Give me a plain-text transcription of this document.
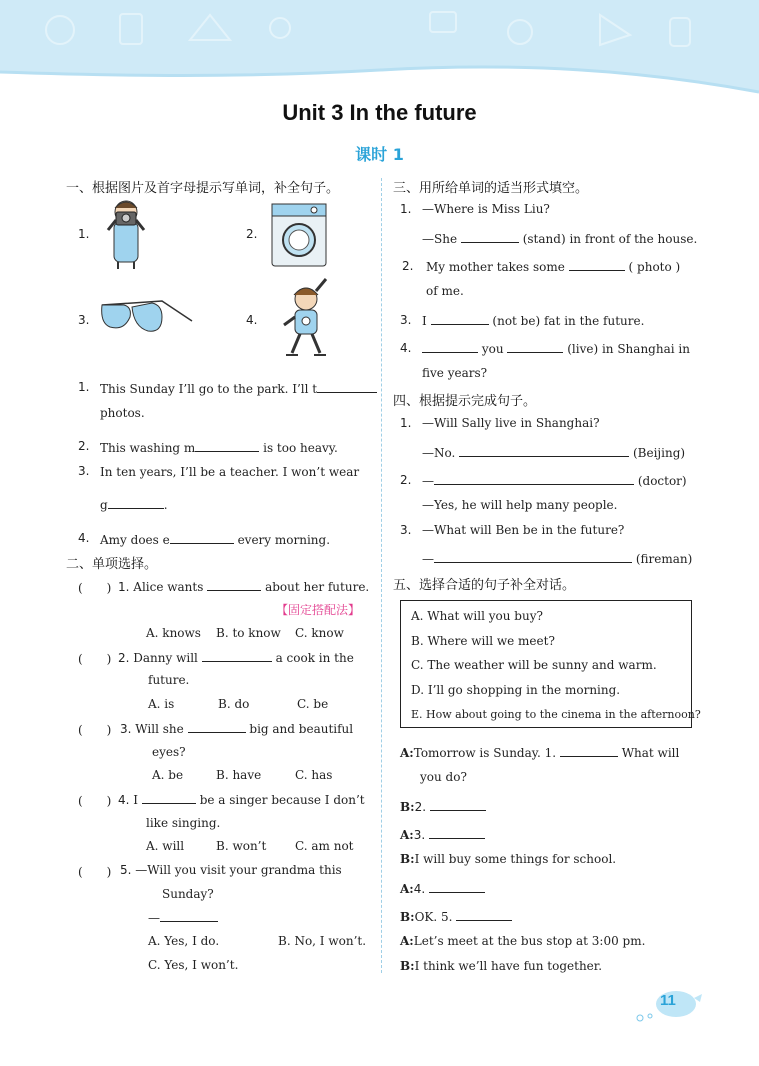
Unit 3 In the future
课时 1
一、根据图片及首字母提示写单词，补全句子。
1.	2.
3.	4.
1. This Sunday I’ll go to the park. I’ll t
photos.
2. This washing m	is too heavy.
3. In ten years, I’ll be a teacher. I won’t wear
g	.
4. Amy does e	every morning.
二、单项选择。
(　　) 1. Alice wants	about her future.
【固定搭配法】
A. knows B. to know C. know
(　　) 2. Danny will	a cook in the
future.
A. is	B. do	C. be
(　　) 3. Will she	big and beautiful
eyes?
A. be	B. have	C. has
(　　) 4. I	be a singer because I don’t
like singing.
A. will	B. won’t C. am not
(　　) 5. —Will you visit your grandma this
Sunday?
—
A. Yes, I do.	B. No, I won’t.
C. Yes, I won’t.
三、用所给单词的适当形式填空。
1. —Where is Miss Liu?
—She	(stand) in front of the house.
2. My mother takes some	( photo )
of me.
3. I	(not be) fat in the future.
4.	you	(live) in Shanghai in
five years?
四、根据提示完成句子。
1. —Will Sally live in Shanghai?
—No.	(Beijing)
2. —	(doctor)
—Yes, he will help many people.
3. —What will Ben be in the future?
—	(fireman)
五、选择合适的句子补全对话。
A. What will you buy?
B. Where will we meet?
C. The weather will be sunny and warm.
D. I’ll go shopping in the morning.
E. How about going to the cinema in the afternoon?
A:Tomorrow is Sunday. 1.	What will
you do?
B:2.
A:3.
B:I will buy some things for school.
A:4.
B:OK. 5.
A:Let’s meet at the bus stop at 3:00 pm.
B:I think we’ll have fun together.
11
